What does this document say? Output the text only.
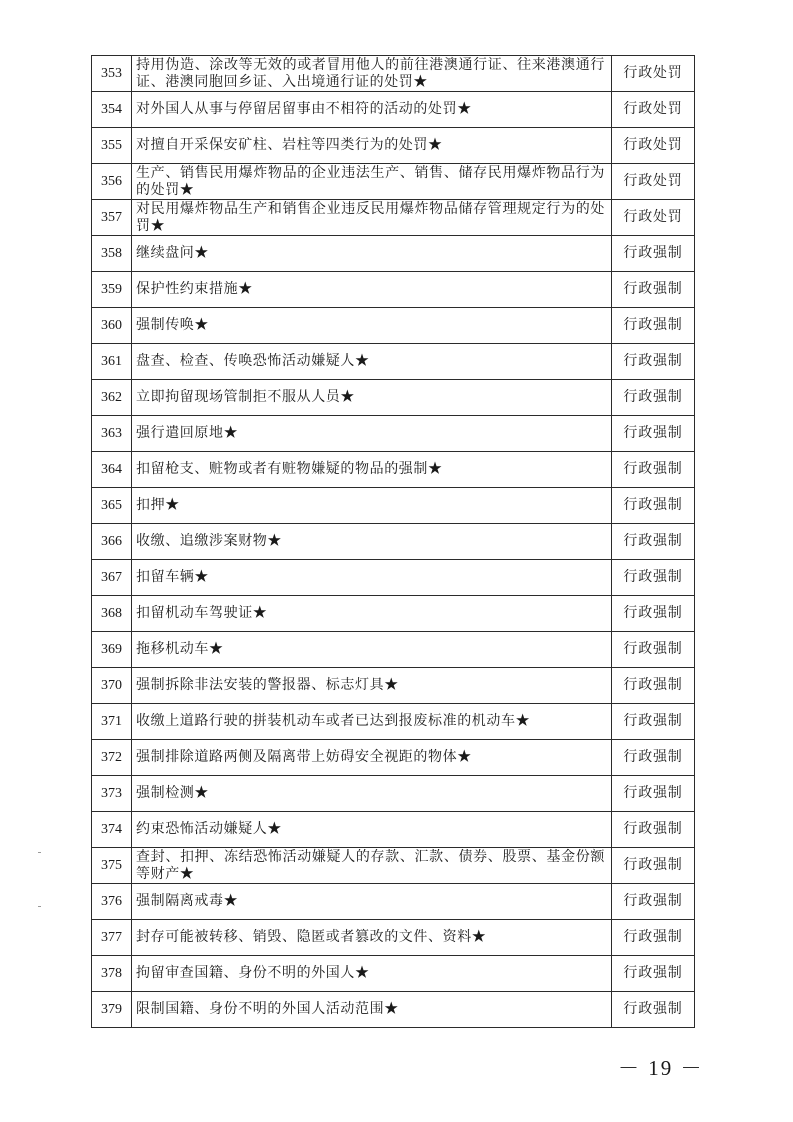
353	持用伪造、涂改等无效的或者冒用他人的前往港澳通行证、往来港澳通行证、港澳同胞回乡证、入出境通行证的处罚★	行政处罚
354	对外国人从事与停留居留事由不相符的活动的处罚★	行政处罚
355	对擅自开采保安矿柱、岩柱等四类行为的处罚★	行政处罚
356	生产、销售民用爆炸物品的企业违法生产、销售、储存民用爆炸物品行为的处罚★	行政处罚
357	对民用爆炸物品生产和销售企业违反民用爆炸物品储存管理规定行为的处罚★	行政处罚
358	继续盘问★	行政强制
359	保护性约束措施★	行政强制
360	强制传唤★	行政强制
361	盘查、检查、传唤恐怖活动嫌疑人★	行政强制
362	立即拘留现场管制拒不服从人员★	行政强制
363	强行遣回原地★	行政强制
364	扣留枪支、赃物或者有赃物嫌疑的物品的强制★	行政强制
365	扣押★	行政强制
366	收缴、追缴涉案财物★	行政强制
367	扣留车辆★	行政强制
368	扣留机动车驾驶证★	行政强制
369	拖移机动车★	行政强制
370	强制拆除非法安装的警报器、标志灯具★	行政强制
371	收缴上道路行驶的拼装机动车或者已达到报废标准的机动车★	行政强制
372	强制排除道路两侧及隔离带上妨碍安全视距的物体★	行政强制
373	强制检测★	行政强制
374	约束恐怖活动嫌疑人★	行政强制
375	查封、扣押、冻结恐怖活动嫌疑人的存款、汇款、债券、股票、基金份额等财产★	行政强制
376	强制隔离戒毒★	行政强制
377	封存可能被转移、销毁、隐匿或者篡改的文件、资料★	行政强制
378	拘留审查国籍、身份不明的外国人★	行政强制
379	限制国籍、身份不明的外国人活动范围★	行政强制
－ 19 －
